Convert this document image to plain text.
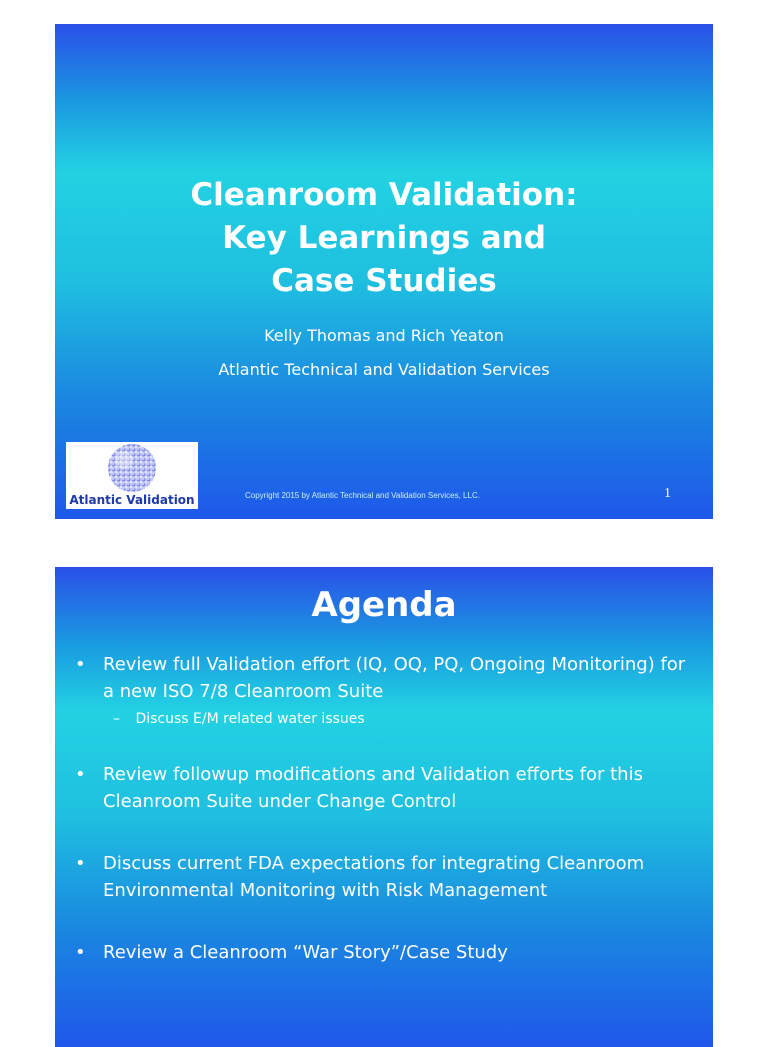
Cleanroom Validation:
Key Learnings and
Case Studies
Kelly Thomas and Rich Yeaton
Atlantic Technical and Validation Services
Atlantic Validation	Copyright 2015 by Atlantic Technical and Validation Services, LLC.	1
Agenda
• Review full Validation effort (IQ, OQ, PQ, Ongoing Monitoring) for a new ISO 7/8 Cleanroom Suite
– Discuss E/M related water issues
• Review followup modifications and Validation efforts for this Cleanroom Suite under Change Control
• Discuss current FDA expectations for integrating Cleanroom Environmental Monitoring with Risk Management
• Review a Cleanroom “War Story”/Case Study
